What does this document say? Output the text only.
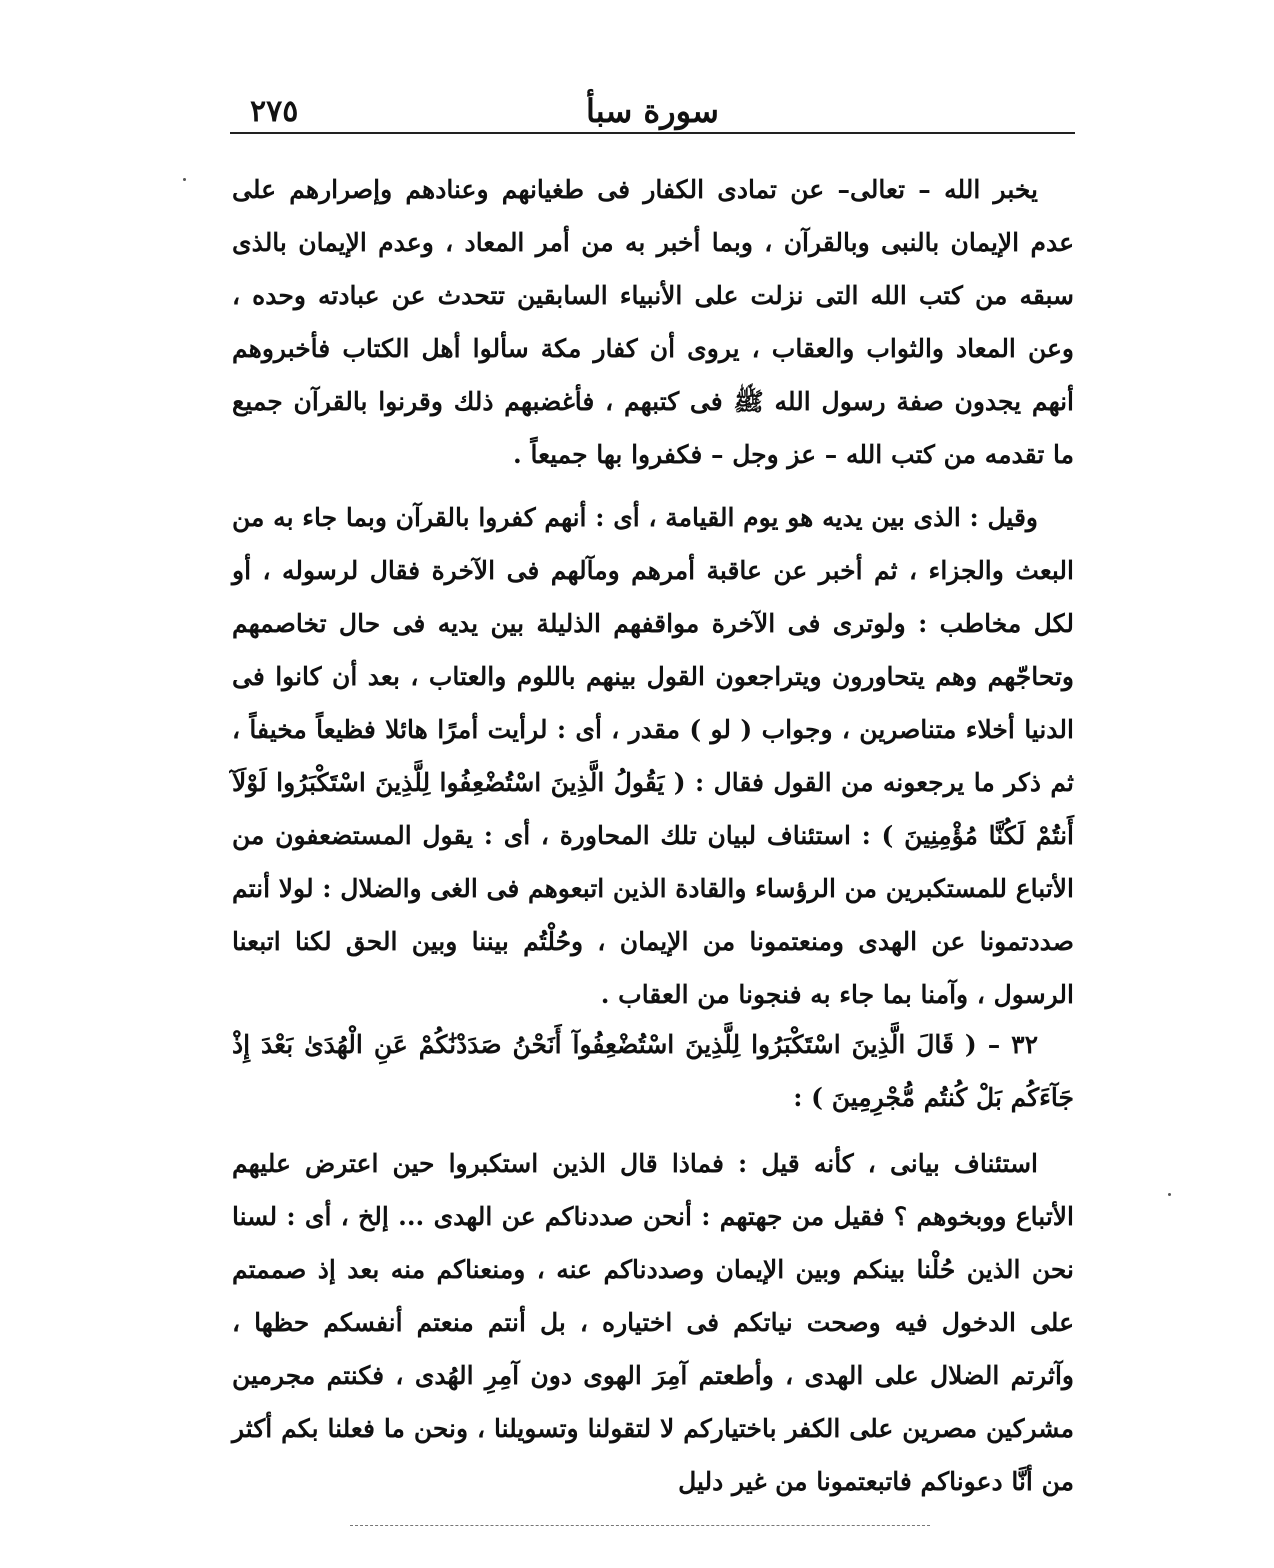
٢٧٥	سورة سبأ

يخبر الله – تعالى– عن تمادى الكفار فى طغيانهم وعنادهم وإصرارهم على عدم الإيمان بالنبى وبالقرآن ، وبما أخبر به من أمر المعاد ، وعدم الإيمان بالذى سبقه من كتب الله التى نزلت على الأنبياء السابقين تتحدث عن عبادته وحده ، وعن المعاد والثواب والعقاب ، يروى أن كفار مكة سألوا أهل الكتاب فأخبروهم أنهم يجدون صفة رسول الله ﷺ فى كتبهم ، فأغضبهم ذلك وقرنوا بالقرآن جميع ما تقدمه من كتب الله – عز وجل – فكفروا بها جميعاً .

وقيل : الذى بين يديه هو يوم القيامة ، أى : أنهم كفروا بالقرآن وبما جاء به من البعث والجزاء ، ثم أخبر عن عاقبة أمرهم ومآلهم فى الآخرة فقال لرسوله ، أو لكل مخاطب : ولوترى فى الآخرة مواقفهم الذليلة بين يديه فى حال تخاصمهم وتحاجّهم وهم يتحاورون ويتراجعون القول بينهم باللوم والعتاب ، بعد أن كانوا فى الدنيا أخلاء متناصرين ، وجواب ( لو ) مقدر ، أى : لرأيت أمرًا هائلا فظيعاً مخيفاً ، ثم ذكر ما يرجعونه من القول فقال : ( يَقُولُ الَّذِينَ اسْتُضْعِفُوا لِلَّذِينَ اسْتَكْبَرُوا لَوْلَآ أَنتُمْ لَكُنَّا مُؤْمِنِينَ ) : استئناف لبيان تلك المحاورة ، أى : يقول المستضعفون من الأتباع للمستكبرين من الرؤساء والقادة الذين اتبعوهم فى الغى والضلال : لولا أنتم صددتمونا عن الهدى ومنعتمونا من الإيمان ، وحُلْتُم بيننا وبين الحق لكنا اتبعنا الرسول ، وآمنا بما جاء به فنجونا من العقاب .

٣٢ – ( قَالَ الَّذِينَ اسْتَكْبَرُوا لِلَّذِينَ اسْتُضْعِفُوآ أَنَحْنُ صَدَدْنَٰكُمْ عَنِ الْهُدَىٰ بَعْدَ إِذْ جَآءَكُم بَلْ كُنتُم مُّجْرِمِينَ ) :

استئناف بيانى ، كأنه قيل : فماذا قال الذين استكبروا حين اعترض عليهم الأتباع ووبخوهم ؟ فقيل من جهتهم : أنحن صددناكم عن الهدى ... إلخ ، أى : لسنا نحن الذين حُلْنا بينكم وبين الإيمان وصددناكم عنه ، ومنعناكم منه بعد إذ صممتم على الدخول فيه وصحت نياتكم فى اختياره ، بل أنتم منعتم أنفسكم حظها ، وآثرتم الضلال على الهدى ، وأطعتم آمِرَ الهوى دون آمِرِ الهُدى ، فكنتم مجرمين مشركين مصرين على الكفر باختياركم لا لتقولنا وتسويلنا ، ونحن ما فعلنا بكم أكثر من أنَّا دعوناكم فاتبعتمونا من غير دليل
